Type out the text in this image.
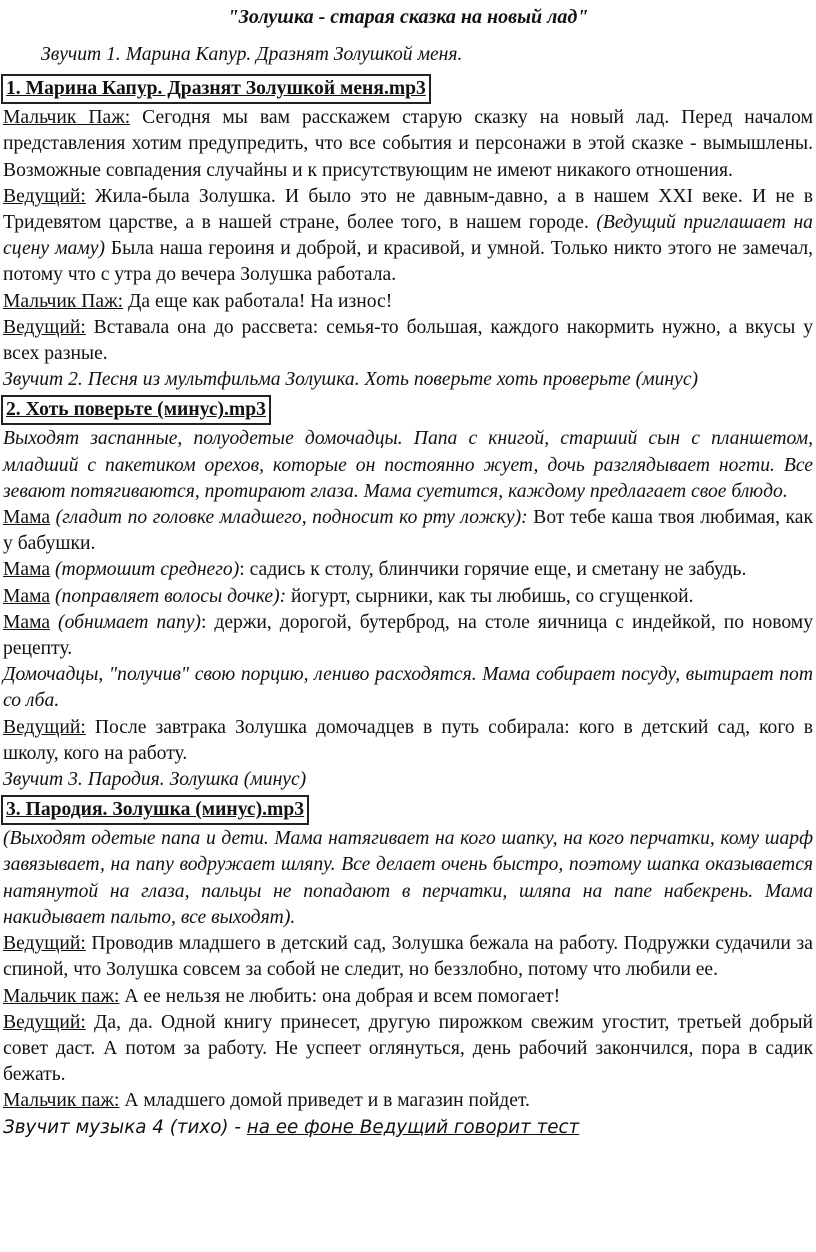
"Золушка - старая сказка на новый лад"

Звучит 1. Марина Капур. Дразнят Золушкой меня.

1. Марина Капур. Дразнят Золушкой меня.mp3

Мальчик Паж: Сегодня мы вам расскажем старую сказку на новый лад. Перед началом представления хотим предупредить, что все события и персонажи в этой сказке - вымышлены. Возможные совпадения случайны и к присутствующим не имеют никакого отношения.

Ведущий: Жила-была Золушка. И было это не давным-давно, а в нашем XXI веке. И не в Тридевятом царстве, а в нашей стране, более того, в нашем городе. (Ведущий приглашает на сцену маму) Была наша героиня и доброй, и красивой, и умной. Только никто этого не замечал, потому что с утра до вечера Золушка работала.

Мальчик Паж: Да еще как работала! На износ!

Ведущий: Вставала она до рассвета: семья-то большая, каждого накормить нужно, а вкусы у всех разные.

Звучит 2. Песня из мультфильма Золушка. Хоть поверьте хоть проверьте (минус)

2. Хоть поверьте (минус).mp3

Выходят заспанные, полуодетые домочадцы. Папа с книгой, старший сын с планшетом, младший с пакетиком орехов, которые он постоянно жует, дочь разглядывает ногти. Все зевают потягиваются, протирают глаза. Мама суетится, каждому предлагает свое блюдо.

Мама (гладит по головке младшего, подносит ко рту ложку): Вот тебе каша твоя любимая, как у бабушки.

Мама (тормошит среднего): садись к столу, блинчики горячие еще, и сметану не забудь.

Мама (поправляет волосы дочке): йогурт, сырники, как ты любишь, со сгущенкой.

Мама (обнимает папу): держи, дорогой, бутерброд, на столе яичница с индейкой, по новому рецепту.

Домочадцы, "получив" свою порцию, лениво расходятся. Мама собирает посуду, вытирает пот со лба.

Ведущий: После завтрака Золушка домочадцев в путь собирала: кого в детский сад, кого в школу, кого на работу.

Звучит 3. Пародия. Золушка (минус)

3. Пародия. Золушка (минус).mp3

(Выходят одетые папа и дети. Мама натягивает на кого шапку, на кого перчатки, кому шарф завязывает, на папу водружает шляпу. Все делает очень быстро, поэтому шапка оказывается натянутой на глаза, пальцы не попадают в перчатки, шляпа на папе набекрень. Мама накидывает пальто, все выходят).

Ведущий: Проводив младшего в детский сад, Золушка бежала на работу. Подружки судачили за спиной, что Золушка совсем за собой не следит, но беззлобно, потому что любили ее.

Мальчик паж: А ее нельзя не любить: она добрая и всем помогает!

Ведущий: Да, да. Одной книгу принесет, другую пирожком свежим угостит, третьей добрый совет даст. А потом за работу. Не успеет оглянуться, день рабочий закончился, пора в садик бежать.

Мальчик паж: А младшего домой приведет и в магазин пойдет.

Звучит музыка 4 (тихо) - на ее фоне Ведущий говорит тест
